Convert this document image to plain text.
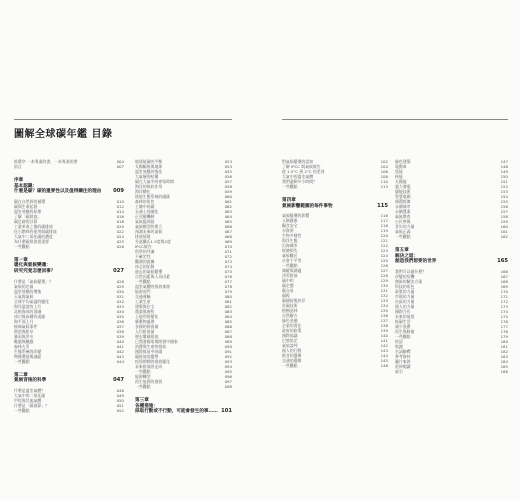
圖解全球碳年鑑 目錄
推薦序 一本專業的書，一本專業的書	004
前言	007
序章
基本認識：
什麼是碳？碳的重要性以及值得關注的理由	009
碳在自然界的循環	010
碳與生命起源	012
溫室效應的原理	014
了解「碳排放」	016
碳足跡的計算	018
工業革命之後的碳排放	020
化石燃料的使用與碳排放	022
大氣中二氧化碳的濃度	024
為什麼碳排放很重要	025
一些觀點	026
第一章
暖化與氣候變遷：
研究究竟怎麼回事？	027
什麼是「氣候變遷」？	028
氣候的定義	029
溫室效應的增強	030
天氣與氣候	031
全球平均氣溫的變化	032
海洋溫度的上升	033
北極海冰的消融	034
冰川與冰層的退縮	035
海平面上升	036
極端氣候事件	037
熱浪與乾旱	038
暴雨與洪水	039
颱風與颶風	040
森林火災	041
生態系統的改變	042
物種遷徙與滅絕	043
一些觀點	044
第二章
氣候背後的科學	047
什麼是溫室氣體？	048
大氣中的二氧化碳	049
甲烷與其他氣體	050
什麼是「碳預算」？	051
一些觀點	052
地球能量的平衡	053
太陽輻射與地球	054
溫室效應的強化	055
大氣層的結構	056
碳在大氣中的停留時間	057
海洋的吸收作用	058
海洋酸化	059
陸地生態系統的碳匯	060
森林的角色	061
土壤中的碳	062
永凍土的融化	063
正回饋機制	064
氣候臨界點	065
氣候模型的建立	066
預測未來的氣候	067
排放情境	068
升溫攝氏1.5度與2度	069
IPCC報告	070
科學的共識	071
不確定性	072
觀測的證據	073
冰芯的紀錄	074
過去的氣候變遷	075
自然因素與人為因素	076
一些觀點	077
溫室氣體的排放來源	078
能源部門	079
交通運輸	080
工業生產	081
建築與住宅	082
農業與畜牧	083
土地利用變化	084
廢棄物處理	085
各國的排放量	086
人均排放量	087
歷史累積排放	088
已開發國家與開發中國家	089
消費與生產的排放	090
國際貿易中的碳	091
碳排放的趨勢	092
疫情期間的排放變化	093
未來排放的走向	094
一些觀點	095
能源轉型	096
再生能源的發展	097
一些觀點	098
第三章
各種措施：
採取行動或不行動，可能會發生的事…… 101
對氣候變遷的認知	102
了解 IPCC 與氣候報告	104
從 1.5°C 到 2°C 的差別	106
大氣中的溫室氣體	108
我們還剩多少時間？	110
一些觀點	113
第四章
氣候影響範圍的每件事物	115
氣候變遷的影響	116
人類健康	117
糧食安全	118
水資源	119
生物多樣性	120
海洋生態	121
沿海城市	122
經濟損失	123
氣候難民	124
社會不平等	125
一些觀點	126
減緩與調適	127
淨零排放	128
碳中和	129
碳定價	130
碳交易	131
碳稅	132
碳捕捉與封存	133
負碳技術	134
植樹造林	135
自然解方	136
綠色金融	137
企業的責任	138
政府的政策	139
國際協議	140
巴黎協定	141
氣候談判	142
個人的行動	143
飲食的選擇	144
交通的選擇	145
一些觀點	146
綠色建築	147
電動車	148
氫能	149
核能	150
太陽能	151
風力發電	152
儲能技術	153
智慧電網	154
循環經濟	155
永續城市	156
永續農業	157
氣候教育	158
公民參與	159
青年的力量	160
氣候正義	161
一些觀點	162
第五章
解決之道：
創造我們想要的世界	165
我們可以做什麼？	166
改變的契機	167
創新的解決方案	168
科技的角色	169
政策的力量	170
市場的力量	171
社區的力量	172
個人的力量	173
國際合作	174
未來的展望	175
低碳生活	176
減少浪費	177
再生與修復	178
一些觀點	179
結語	180
致謝	181
名詞解釋	182
參考資料	183
圖片來源	184
延伸閱讀	185
索引	186
